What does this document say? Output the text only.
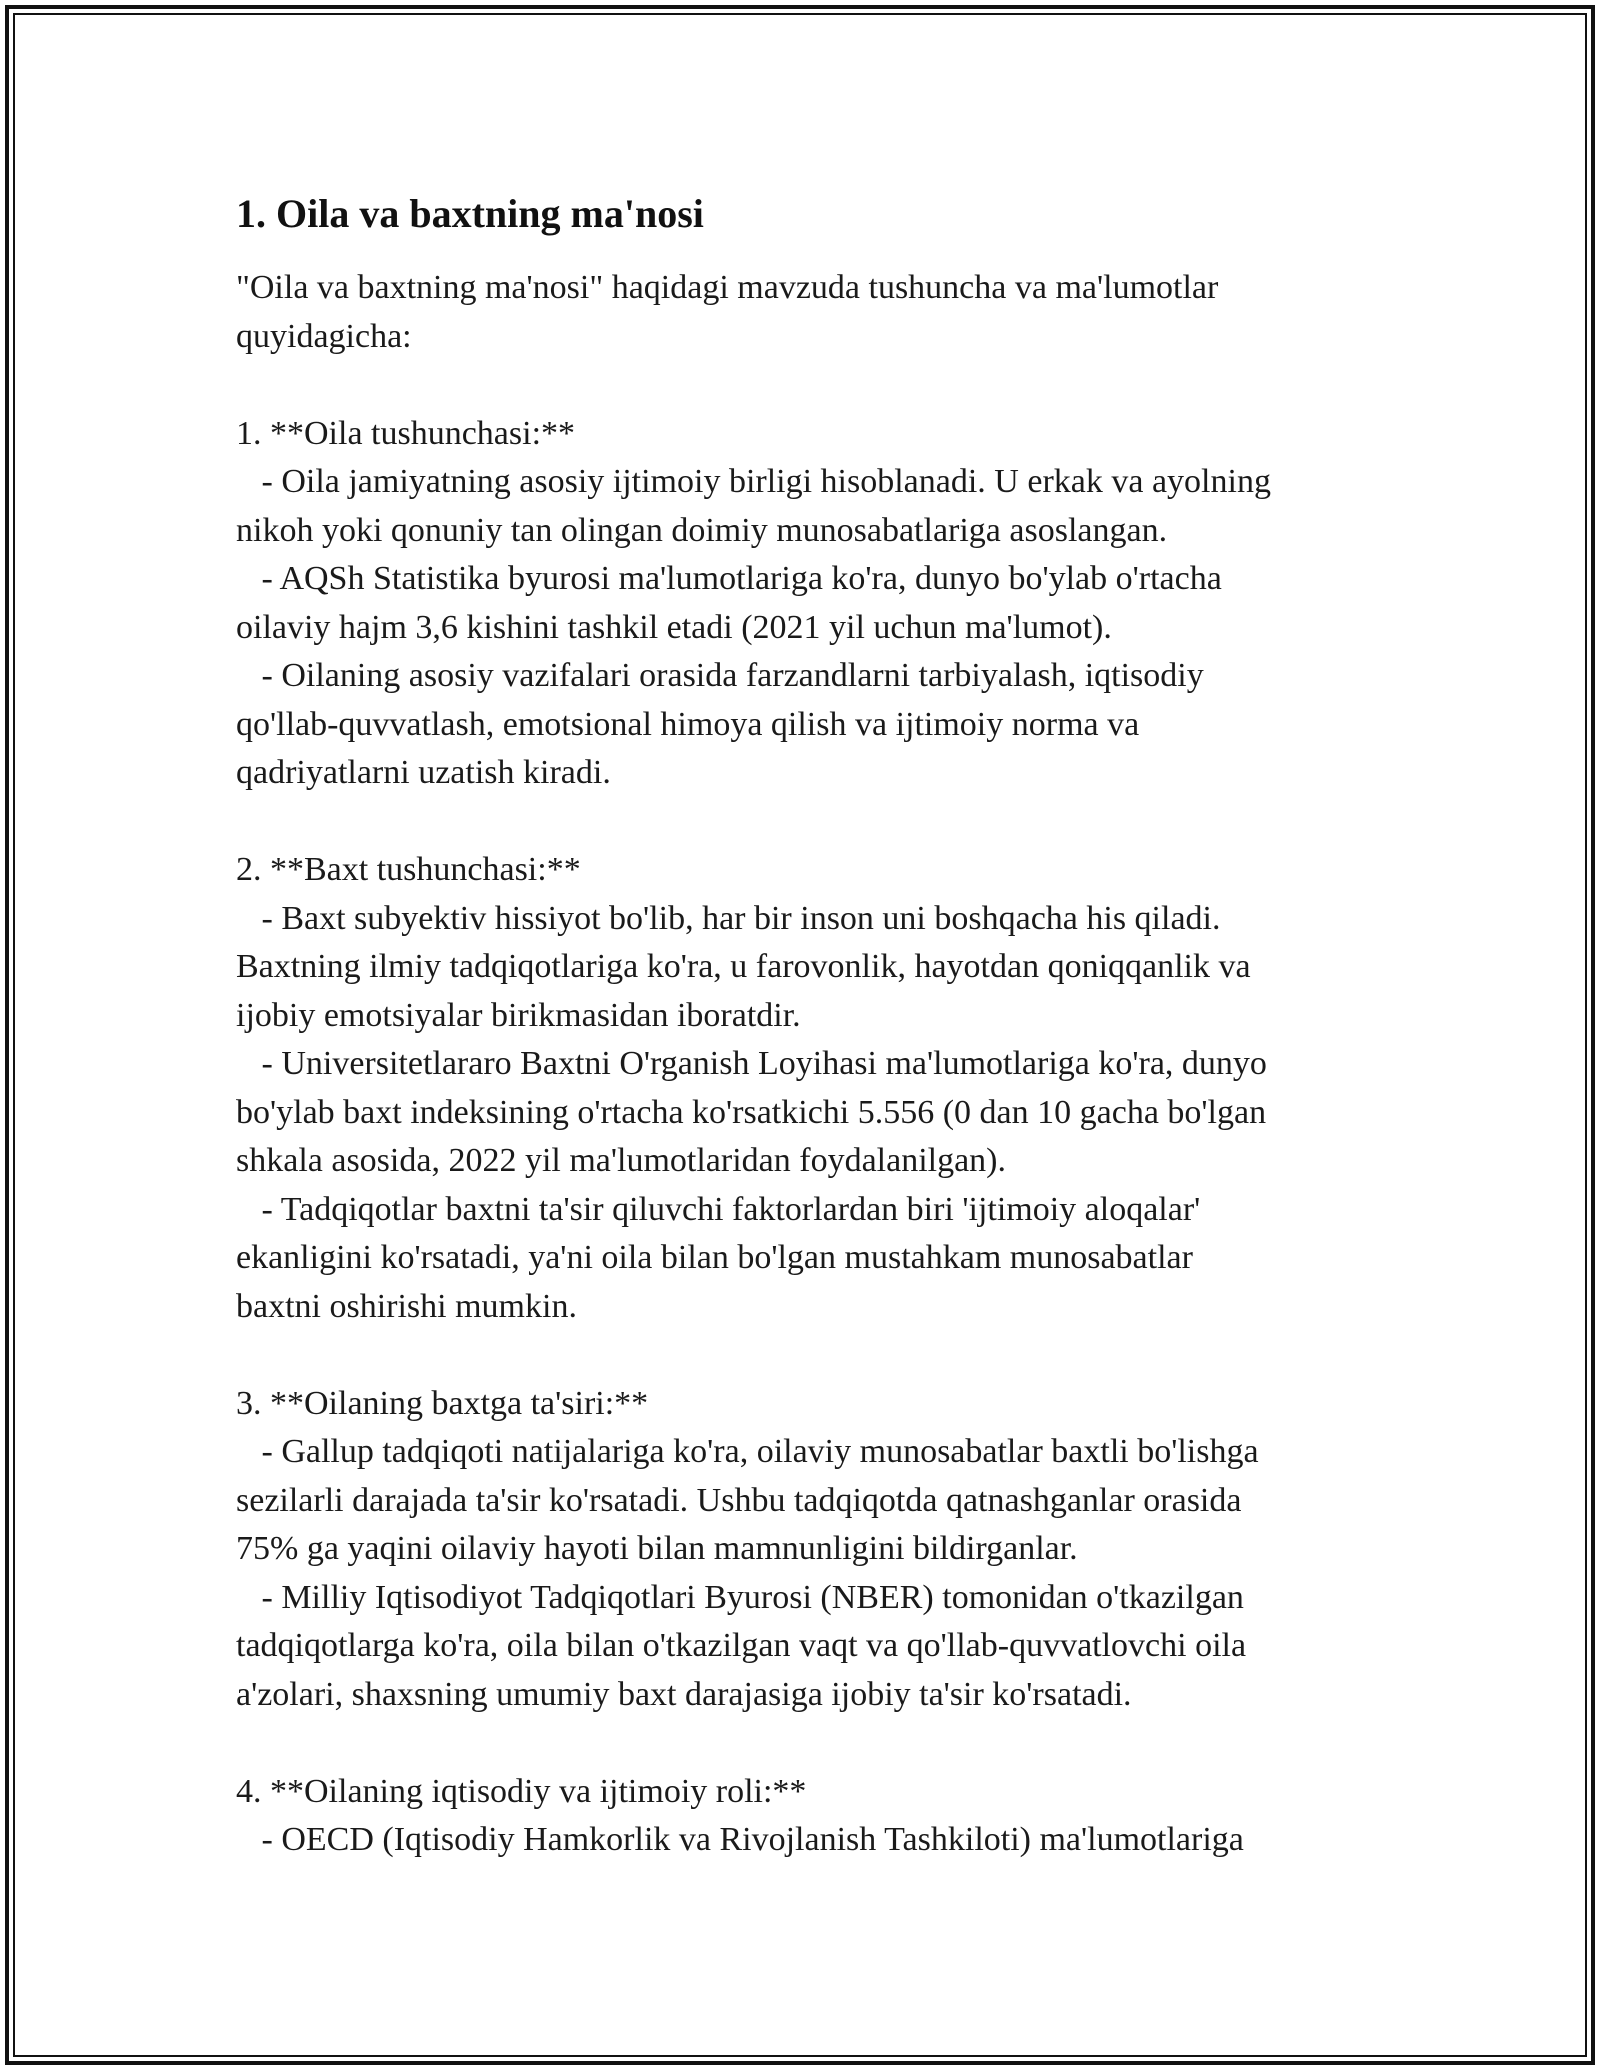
1. Oila va baxtning ma'nosi

"Oila va baxtning ma'nosi" haqidagi mavzuda tushuncha va ma'lumotlar
quyidagicha:

1. **Oila tushunchasi:**
- Oila jamiyatning asosiy ijtimoiy birligi hisoblanadi. U erkak va ayolning
nikoh yoki qonuniy tan olingan doimiy munosabatlariga asoslangan.
- AQSh Statistika byurosi ma'lumotlariga ko'ra, dunyo bo'ylab o'rtacha
oilaviy hajm 3,6 kishini tashkil etadi (2021 yil uchun ma'lumot).
- Oilaning asosiy vazifalari orasida farzandlarni tarbiyalash, iqtisodiy
qo'llab-quvvatlash, emotsional himoya qilish va ijtimoiy norma va
qadriyatlarni uzatish kiradi.

2. **Baxt tushunchasi:**
- Baxt subyektiv hissiyot bo'lib, har bir inson uni boshqacha his qiladi.
Baxtning ilmiy tadqiqotlariga ko'ra, u farovonlik, hayotdan qoniqqanlik va
ijobiy emotsiyalar birikmasidan iboratdir.
- Universitetlararo Baxtni O'rganish Loyihasi ma'lumotlariga ko'ra, dunyo
bo'ylab baxt indeksining o'rtacha ko'rsatkichi 5.556 (0 dan 10 gacha bo'lgan
shkala asosida, 2022 yil ma'lumotlaridan foydalanilgan).
- Tadqiqotlar baxtni ta'sir qiluvchi faktorlardan biri 'ijtimoiy aloqalar'
ekanligini ko'rsatadi, ya'ni oila bilan bo'lgan mustahkam munosabatlar
baxtni oshirishi mumkin.

3. **Oilaning baxtga ta'siri:**
- Gallup tadqiqoti natijalariga ko'ra, oilaviy munosabatlar baxtli bo'lishga
sezilarli darajada ta'sir ko'rsatadi. Ushbu tadqiqotda qatnashganlar orasida
75% ga yaqini oilaviy hayoti bilan mamnunligini bildirganlar.
- Milliy Iqtisodiyot Tadqiqotlari Byurosi (NBER) tomonidan o'tkazilgan
tadqiqotlarga ko'ra, oila bilan o'tkazilgan vaqt va qo'llab-quvvatlovchi oila
a'zolari, shaxsning umumiy baxt darajasiga ijobiy ta'sir ko'rsatadi.

4. **Oilaning iqtisodiy va ijtimoiy roli:**
- OECD (Iqtisodiy Hamkorlik va Rivojlanish Tashkiloti) ma'lumotlariga
